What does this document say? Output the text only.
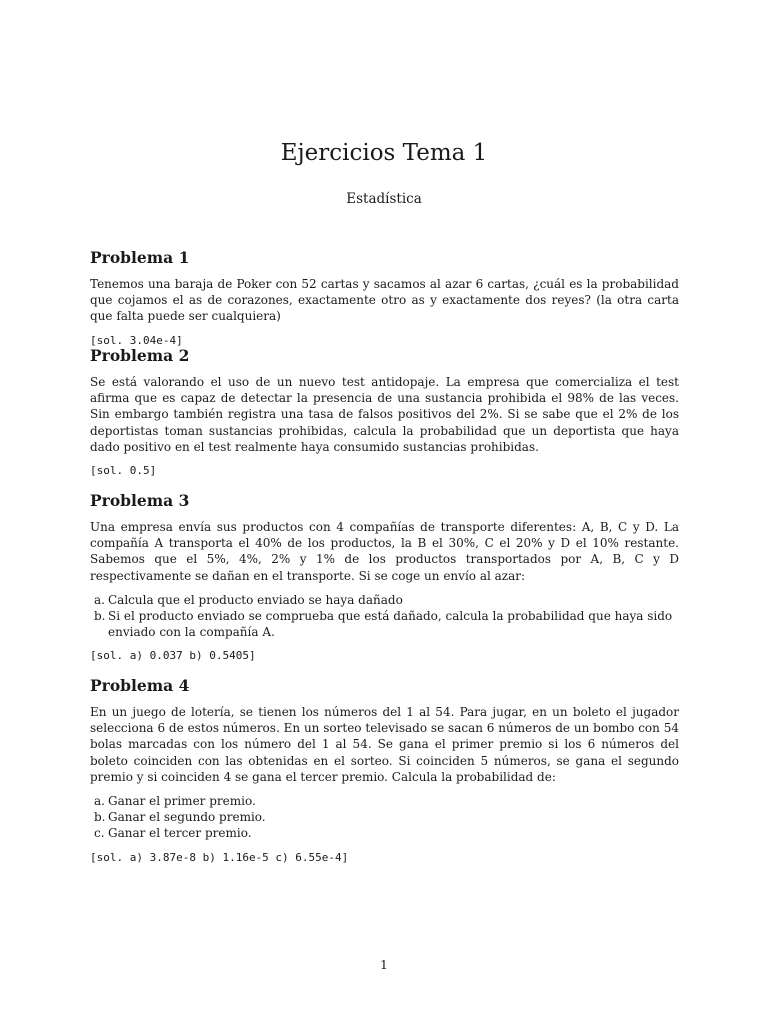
Ejercicios Tema 1
Estadística
Problema 1

Tenemos una baraja de Poker con 52 cartas y sacamos al azar 6 cartas, ¿cuál es la probabilidad que cojamos el as de corazones, exactamente otro as y exactamente dos reyes? (la otra carta que falta puede ser cualquiera)

[sol. 3.04e-4]
Problema 2

Se está valorando el uso de un nuevo test antidopaje. La empresa que comercializa el test afirma que es capaz de detectar la presencia de una sustancia prohibida el 98% de las veces. Sin embargo también registra una tasa de falsos positivos del 2%. Si se sabe que el 2% de los deportistas toman sustancias prohibidas, calcula la probabilidad que un deportista que haya dado positivo en el test realmente haya consumido sustancias prohibidas.

[sol. 0.5]
Problema 3

Una empresa envía sus productos con 4 compañías de transporte diferentes: A, B, C y D. La compañía A transporta el 40% de los productos, la B el 30%, C el 20% y D el 10% restante. Sabemos que el 5%, 4%, 2% y 1% de los productos transportados por A, B, C y D respectivamente se dañan en el transporte. Si se coge un envío al azar:

a. Calcula que el producto enviado se haya dañado
b. Si el producto enviado se comprueba que está dañado, calcula la probabilidad que haya sido enviado con la compañía A.
[sol. a) 0.037 b) 0.5405]
Problema 4

En un juego de lotería, se tienen los números del 1 al 54. Para jugar, en un boleto el jugador selecciona 6 de estos números. En un sorteo televisado se sacan 6 números de un bombo con 54 bolas marcadas con los número del 1 al 54. Se gana el primer premio si los 6 números del boleto coinciden con las obtenidas en el sorteo. Si coinciden 5 números, se gana el segundo premio y si coinciden 4 se gana el tercer premio. Calcula la probabilidad de:

a. Ganar el primer premio.
b. Ganar el segundo premio.
c. Ganar el tercer premio.
[sol. a) 3.87e-8 b) 1.16e-5 c) 6.55e-4]
1
